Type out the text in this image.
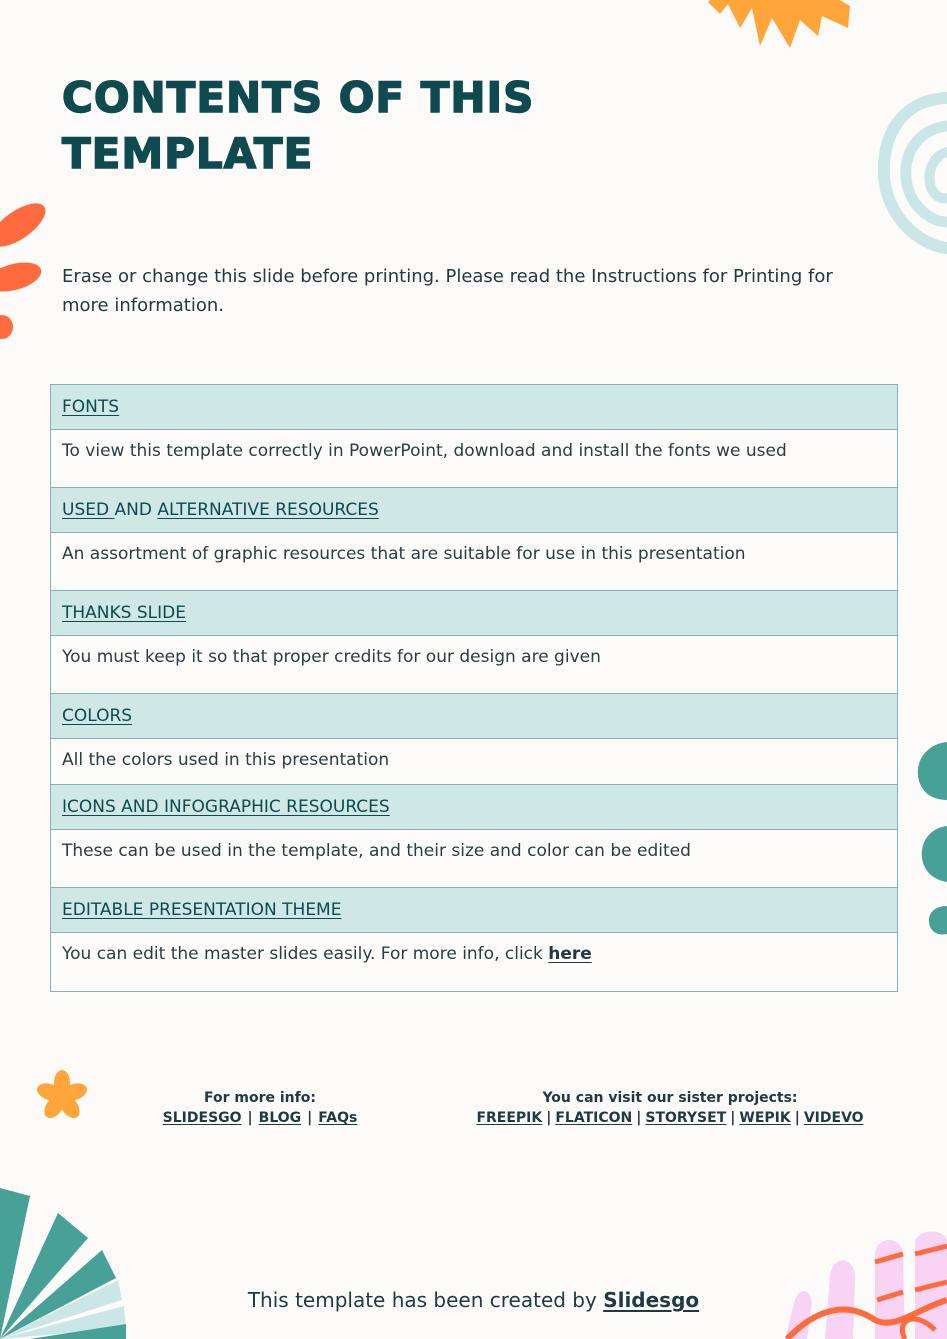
CONTENTS OF THIS TEMPLATE
Erase or change this slide before printing. Please read the Instructions for Printing for more information.
FONTS
To view this template correctly in PowerPoint, download and install the fonts we used
USED AND ALTERNATIVE RESOURCES
An assortment of graphic resources that are suitable for use in this presentation
THANKS SLIDE
You must keep it so that proper credits for our design are given
COLORS
All the colors used in this presentation
ICONS AND INFOGRAPHIC RESOURCES
These can be used in the template, and their size and color can be edited
EDITABLE PRESENTATION THEME
You can edit the master slides easily. For more info, click here
For more info:
SLIDESGO | BLOG | FAQs
You can visit our sister projects:
FREEPIK | FLATICON | STORYSET | WEPIK | VIDEVO
This template has been created by Slidesgo
